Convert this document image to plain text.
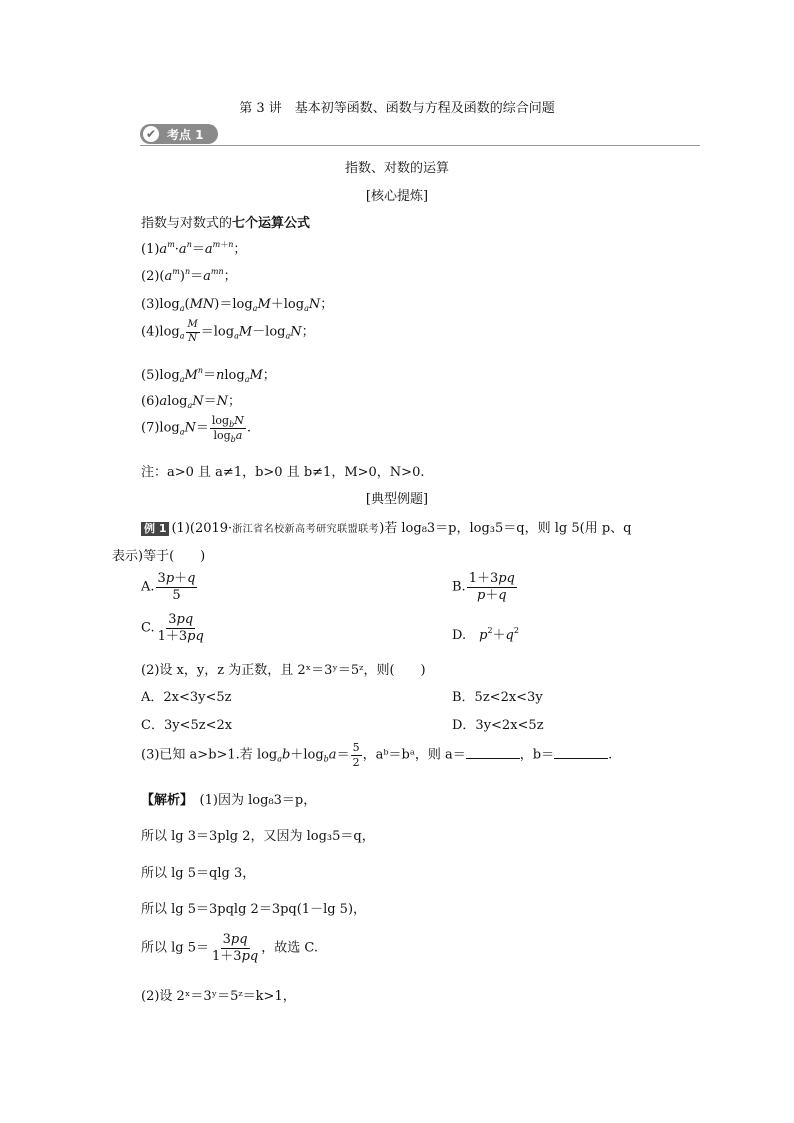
第 3 讲　基本初等函数、函数与方程及函数的综合问题
✔ 考点 1
指数、对数的运算
[核心提炼]
指数与对数式的七个运算公式
$(1)a^m\cdot a^n=a^{m+n}$；
$(2)(a^m)^n=a^{mn}$；
$(3)\log_a(MN)=\log_aM+\log_aN$；
$(4)\log_a \frac{M}{N} =\log_aM-\log_aN$；
$(5)\log_aM^n=nlog_aM$；
(6)alog$_a$N＝N；
$(7)\log_aN= \frac{\log_bN}{\log_ba}$ .
注：a>0 且 a≠1，b>0 且 b≠1，M>0，N>0.
[典型例题]
例 1 (1)(2019·浙江省名校新高考研究联盟联考)若 log₈3＝p，log₃5＝q，则 lg 5(用 p、q
表示)等于(　　)
A. $\frac{3p+q}{5}$	B. $\frac{1+3pq}{p+q}$
C. $\frac{3pq}{1+3pq}$	D.　 $p^2+q^2$
(2)设 x，y，z 为正数，且 2ˣ＝3ʸ＝5ᶻ，则(　　)
A．2x<3y<5z	B．5z<2x<3y
C．3y<5z<2x	D．3y<2x<5z
(3)已知 a>b>1.若 $\log_ab+\log_ba= \frac{5}{2}$ ，aᵇ＝bᵃ，则 a＝	，b＝	.
【解析】　 (1)因为 log₈3＝p，
所以 lg 3＝3plg 2，又因为 log₃5＝q，
所以 lg 5＝qlg 3，
所以 lg 5＝3pqlg 2＝3pq(1－lg 5)，
所以 $\lg 5= \frac{3pq}{1+3pq}$ ，故选 C.
(2)设 2ˣ＝3ʸ＝5ᶻ＝k>1，
